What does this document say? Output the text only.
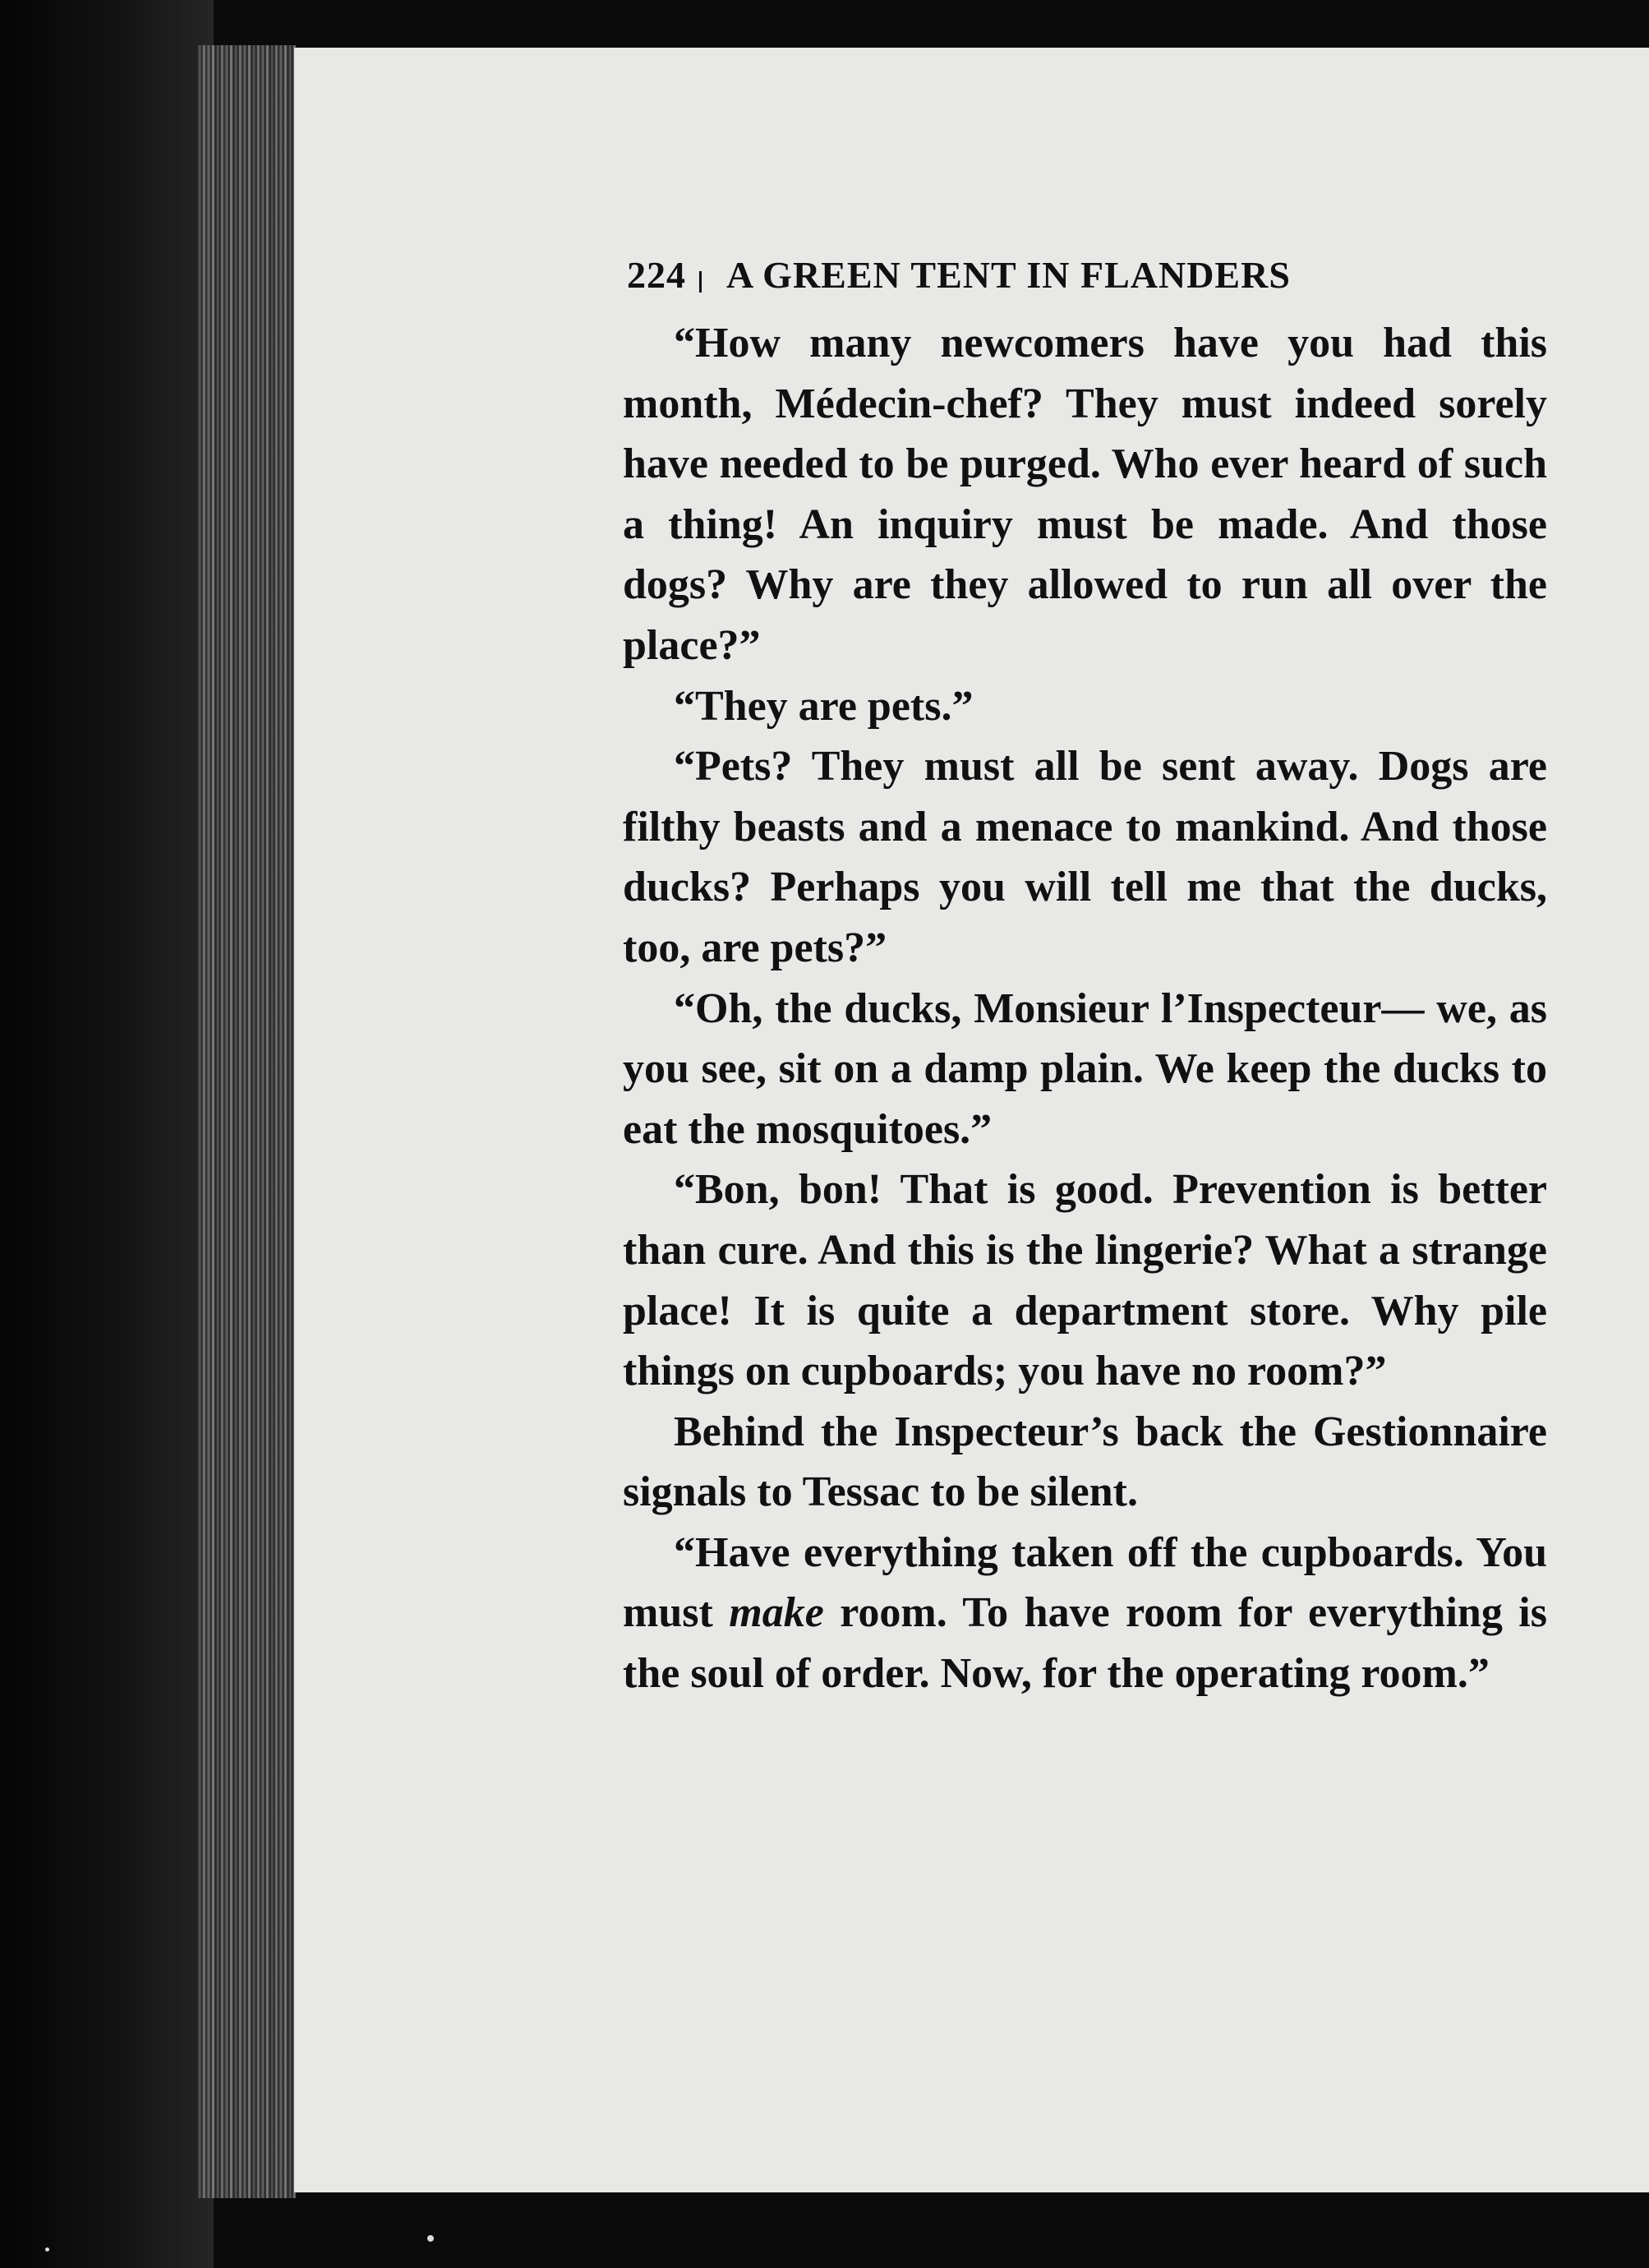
224 A GREEN TENT IN FLANDERS

“How many newcomers have you had this month, Médecin-chef? They must indeed sorely have needed to be purged. Who ever heard of such a thing! An inquiry must be made. And those dogs? Why are they allowed to run all over the place?”

“They are pets.”

“Pets? They must all be sent away. Dogs are filthy beasts and a menace to mankind. And those ducks? Perhaps you will tell me that the ducks, too, are pets?”

“Oh, the ducks, Monsieur l’Inspecteur— we, as you see, sit on a damp plain. We keep the ducks to eat the mosquitoes.”

“Bon, bon! That is good. Prevention is better than cure. And this is the lingerie? What a strange place! It is quite a department store. Why pile things on cupboards; you have no room?”

Behind the Inspecteur’s back the Gestionnaire signals to Tessac to be silent.

“Have everything taken off the cupboards. You must make room. To have room for everything is the soul of order. Now, for the operating room.”
